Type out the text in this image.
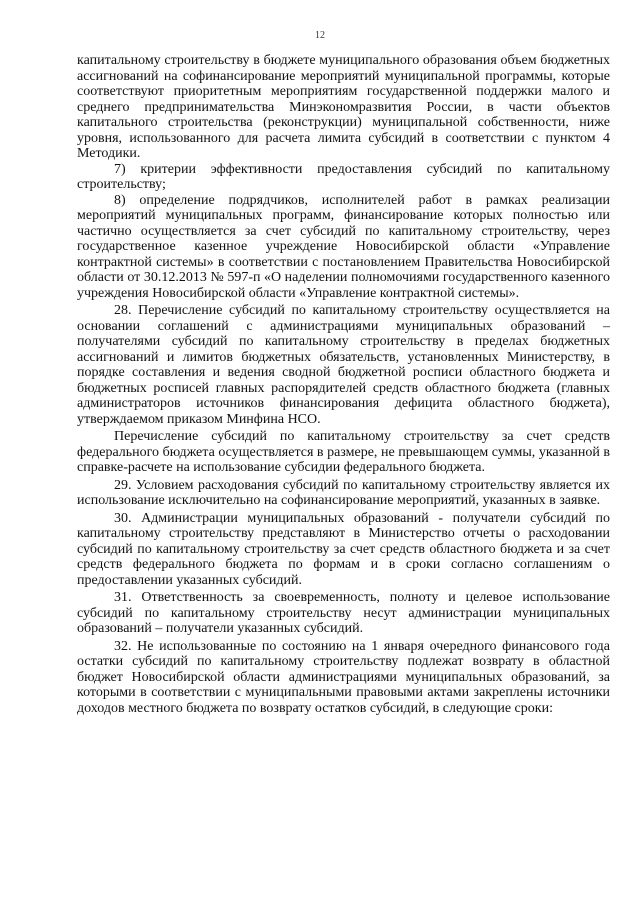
12

капитальному строительству в бюджете муниципального образования объем бюджетных ассигнований на софинансирование мероприятий муниципальной программы, которые соответствуют приоритетным мероприятиям государственной поддержки малого и среднего предпринимательства Минэкономразвития России, в части объектов капитального строительства (реконструкции) муниципальной собственности, ниже уровня, использованного для расчета лимита субсидий в соответствии с пунктом 4 Методики.

7) критерии эффективности предоставления субсидий по капитальному строительству;

8) определение подрядчиков, исполнителей работ в рамках реализации мероприятий муниципальных программ, финансирование которых полностью или частично осуществляется за счет субсидий по капитальному строительству, через государственное казенное учреждение Новосибирской области «Управление контрактной системы» в соответствии с постановлением Правительства Новосибирской области от 30.12.2013 № 597-п «О наделении полномочиями государственного казенного учреждения Новосибирской области «Управление контрактной системы».

28. Перечисление субсидий по капитальному строительству осуществляется на основании соглашений с администрациями муниципальных образований – получателями субсидий по капитальному строительству в пределах бюджетных ассигнований и лимитов бюджетных обязательств, установленных Министерству, в порядке составления и ведения сводной бюджетной росписи областного бюджета и бюджетных росписей главных распорядителей средств областного бюджета (главных администраторов источников финансирования дефицита областного бюджета), утверждаемом приказом Минфина НСО.

Перечисление субсидий по капитальному строительству за счет средств федерального бюджета осуществляется в размере, не превышающем суммы, указанной в справке-расчете на использование субсидии федерального бюджета.

29. Условием расходования субсидий по капитальному строительству является их использование исключительно на софинансирование мероприятий, указанных в заявке.

30. Администрации муниципальных образований - получатели субсидий по капитальному строительству представляют в Министерство отчеты о расходовании субсидий по капитальному строительству за счет средств областного бюджета и за счет средств федерального бюджета по формам и в сроки согласно соглашениям о предоставлении указанных субсидий.

31. Ответственность за своевременность, полноту и целевое использование субсидий по капитальному строительству несут администрации муниципальных образований – получатели указанных субсидий.

32. Не использованные по состоянию на 1 января очередного финансового года остатки субсидий по капитальному строительству подлежат возврату в областной бюджет Новосибирской области администрациями муниципальных образований, за которыми в соответствии с муниципальными правовыми актами закреплены источники доходов местного бюджета по возврату остатков субсидий, в следующие сроки:
